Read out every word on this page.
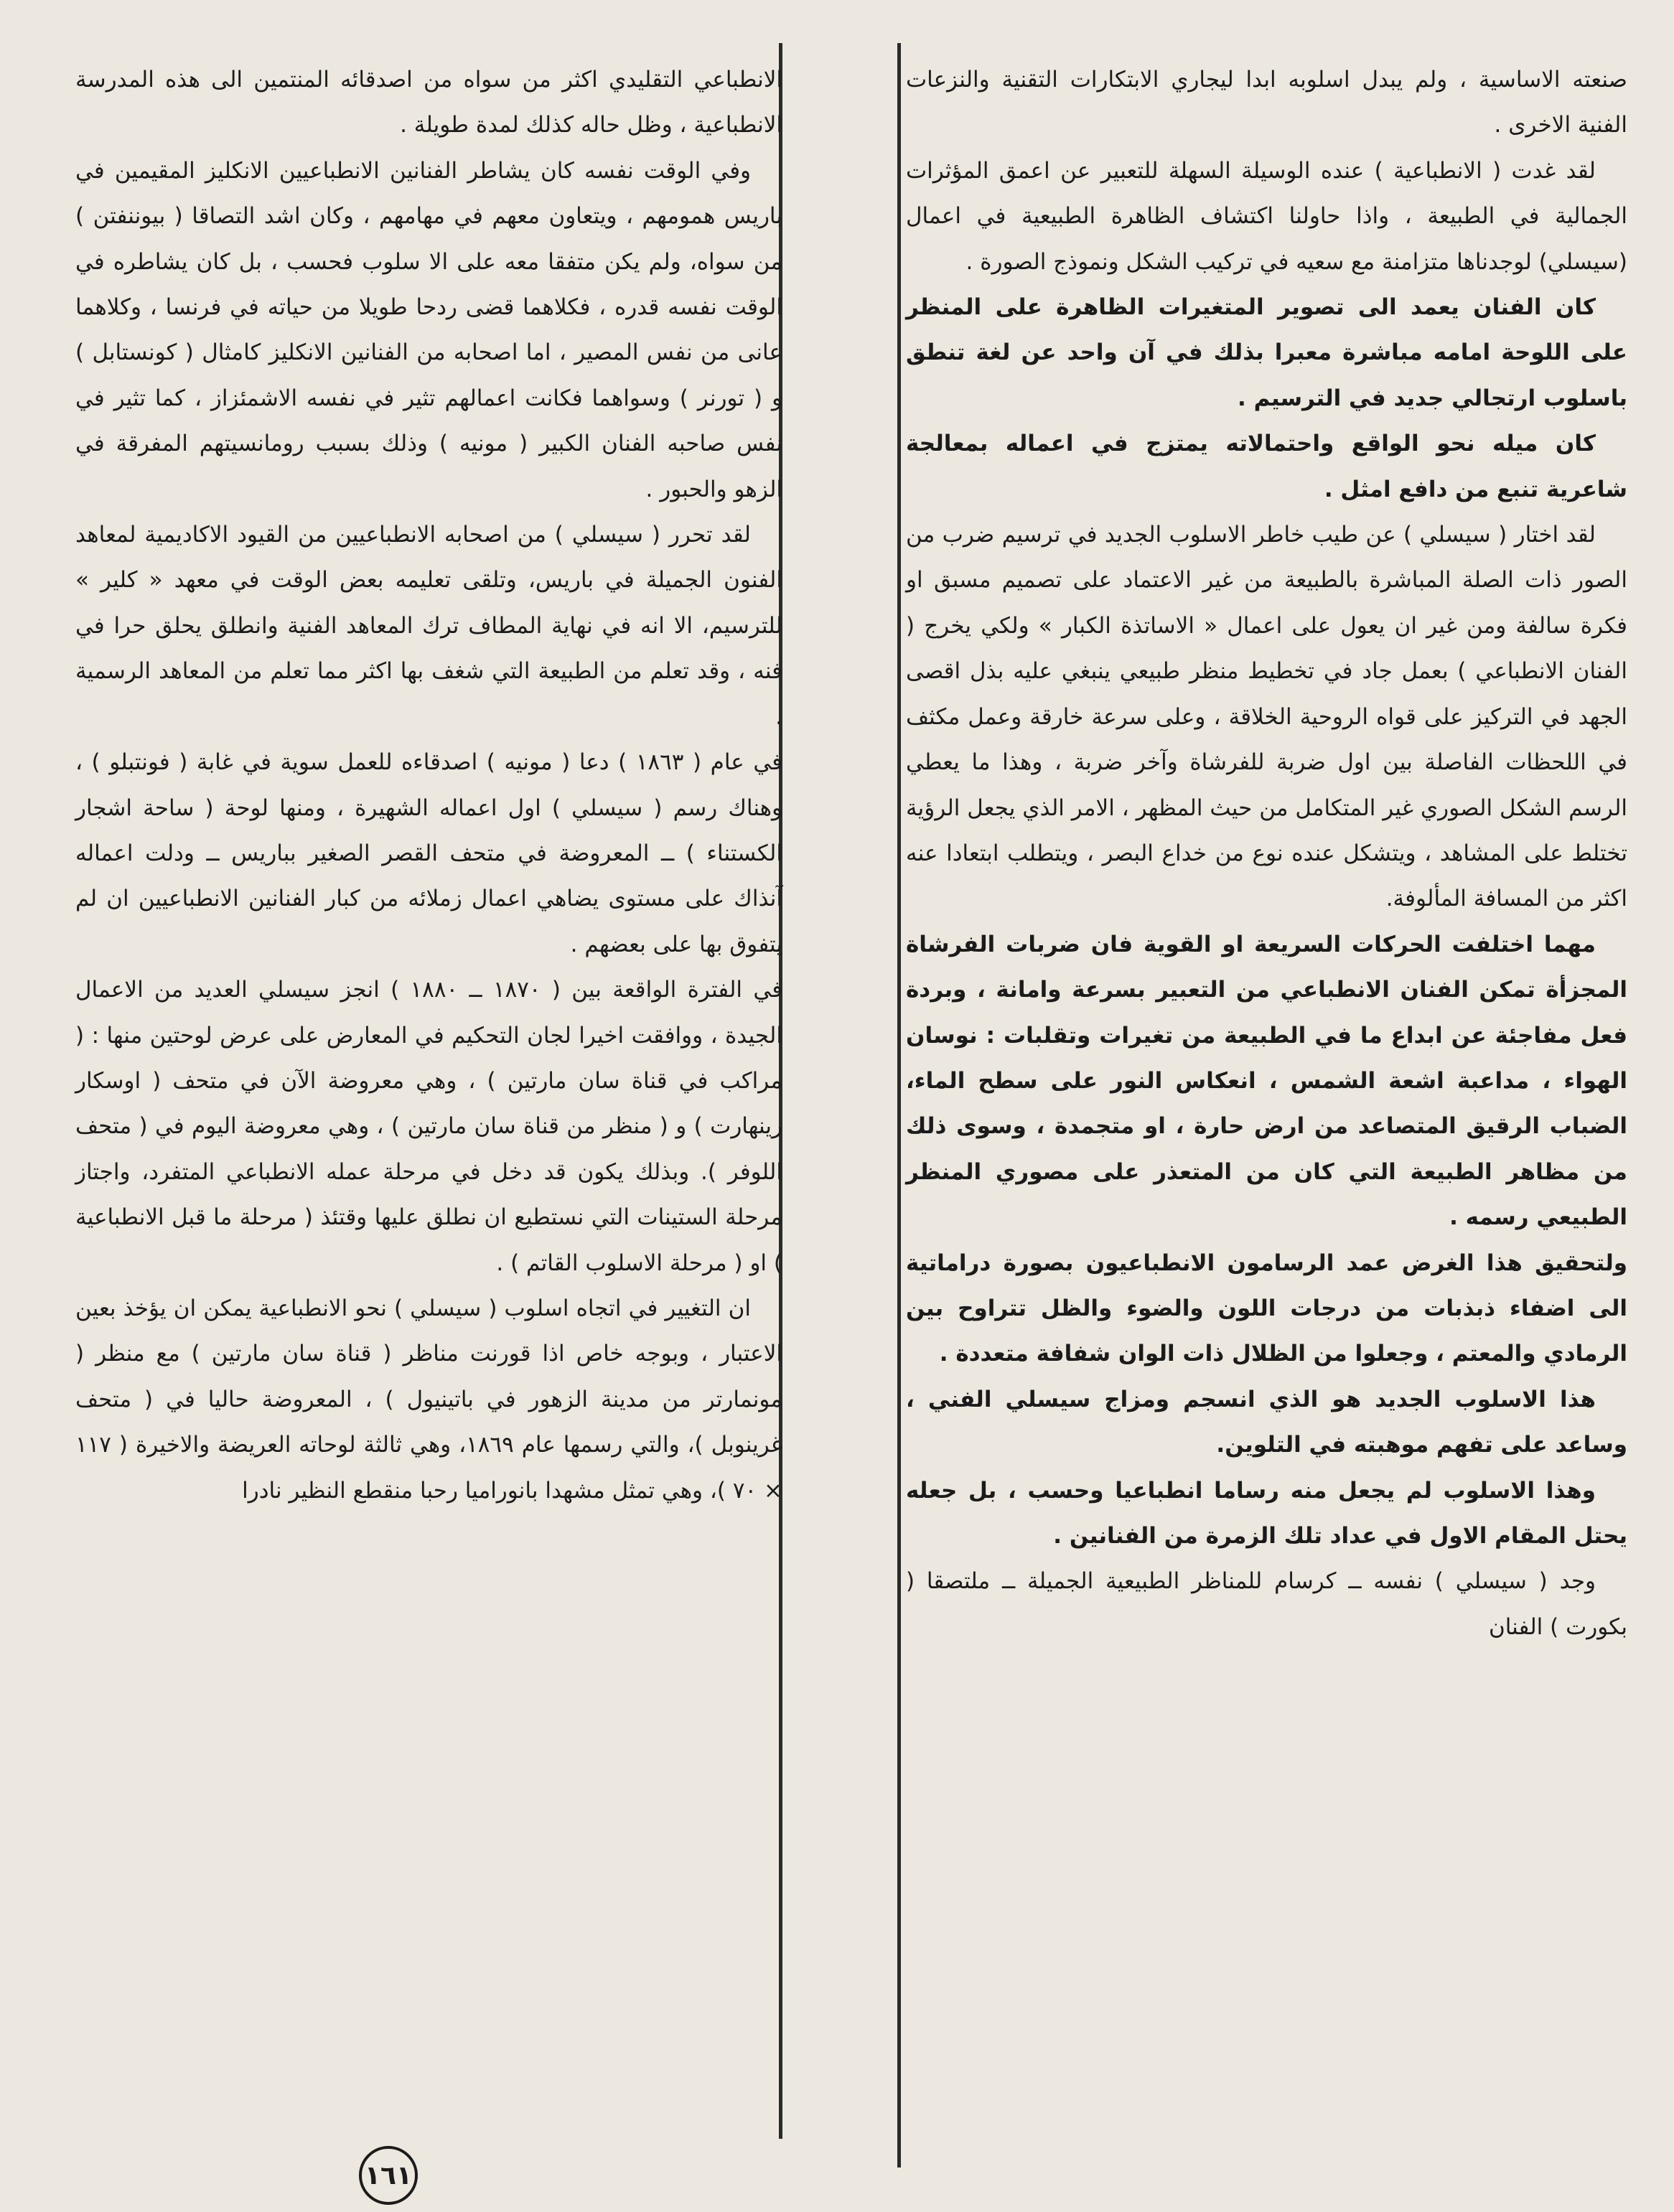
صنعته الاساسية ، ولم يبدل اسلوبه ابدا ليجاري الابتكارات التقنية والنزعات الفنية الاخرى .

لقد غدت ( الانطباعية ) عنده الوسيلة السهلة للتعبير عن اعمق المؤثرات الجمالية في الطبيعة ، واذا حاولنا اكتشاف الظاهرة الطبيعية في اعمال (سيسلي) لوجدناها متزامنة مع سعيه في تركيب الشكل ونموذج الصورة .

كان الفنان يعمد الى تصوير المتغيرات الظاهرة على المنظر على اللوحة امامه مباشرة معبرا بذلك في آن واحد عن لغة تنطق باسلوب ارتجالي جديد في الترسيم .

كان ميله نحو الواقع واحتمالاته يمتزج في اعماله بمعالجة شاعرية تنبع من دافع امثل .

لقد اختار ( سيسلي ) عن طيب خاطر الاسلوب الجديد في ترسيم ضرب من الصور ذات الصلة المباشرة بالطبيعة من غير الاعتماد على تصميم مسبق او فكرة سالفة ومن غير ان يعول على اعمال « الاساتذة الكبار » ولكي يخرج ( الفنان الانطباعي ) بعمل جاد في تخطيط منظر طبيعي ينبغي عليه بذل اقصى الجهد في التركيز على قواه الروحية الخلاقة ، وعلى سرعة خارقة وعمل مكثف في اللحظات الفاصلة بين اول ضربة للفرشاة وآخر ضربة ، وهذا ما يعطي الرسم الشكل الصوري غير المتكامل من حيث المظهر ، الامر الذي يجعل الرؤية تختلط على المشاهد ، ويتشكل عنده نوع من خداع البصر ، ويتطلب ابتعادا عنه اكثر من المسافة المألوفة.

مهما اختلفت الحركات السريعة او القوية فان ضربات الفرشاة المجزأة تمكن الفنان الانطباعي من التعبير بسرعة وامانة ، وبردة فعل مفاجئة عن ابداع ما في الطبيعة من تغيرات وتقلبات : نوسان الهواء ، مداعبة اشعة الشمس ، انعكاس النور على سطح الماء، الضباب الرقيق المتصاعد من ارض حارة ، او متجمدة ، وسوى ذلك من مظاهر الطبيعة التي كان من المتعذر على مصوري المنظر الطبيعي رسمه .

ولتحقيق هذا الغرض عمد الرسامون الانطباعيون بصورة دراماتية الى اضفاء ذبذبات من درجات اللون والضوء والظل تتراوح بين الرمادي والمعتم ، وجعلوا من الظلال ذات الوان شفافة متعددة .

هذا الاسلوب الجديد هو الذي انسجم ومزاج سيسلي الفني ، وساعد على تفهم موهبته في التلوين.

وهذا الاسلوب لم يجعل منه رساما انطباعيا وحسب ، بل جعله يحتل المقام الاول في عداد تلك الزمرة من الفنانين .

وجد ( سيسلي ) نفسه ــ كرسام للمناظر الطبيعية الجميلة ــ ملتصقا ( بكورت ) الفنان

الانطباعي التقليدي اكثر من سواه من اصدقائه المنتمين الى هذه المدرسة الانطباعية ، وظل حاله كذلك لمدة طويلة .

وفي الوقت نفسه كان يشاطر الفنانين الانطباعيين الانكليز المقيمين في باريس همومهم ، ويتعاون معهم في مهامهم ، وكان اشد التصاقا ( بيوننفتن ) من سواه، ولم يكن متفقا معه على الا سلوب فحسب ، بل كان يشاطره في الوقت نفسه قدره ، فكلاهما قضى ردحا طويلا من حياته في فرنسا ، وكلاهما عانى من نفس المصير ، اما اصحابه من الفنانين الانكليز كامثال ( كونستابل ) و ( تورنر ) وسواهما فكانت اعمالهم تثير في نفسه الاشمئزاز ، كما تثير في نفس صاحبه الفنان الكبير ( مونيه ) وذلك بسبب رومانسيتهم المفرقة في الزهو والحبور .

لقد تحرر ( سيسلي ) من اصحابه الانطباعيين من القيود الاكاديمية لمعاهد الفنون الجميلة في باريس، وتلقى تعليمه بعض الوقت في معهد « كلير » للترسيم، الا انه في نهاية المطاف ترك المعاهد الفنية وانطلق يحلق حرا في فنه ، وقد تعلم من الطبيعة التي شغف بها اكثر مما تعلم من المعاهد الرسمية .

في عام ( ١٨٦٣ ) دعا ( مونيه ) اصدقاءه للعمل سوية في غابة ( فونتبلو ) ، وهناك رسم ( سيسلي ) اول اعماله الشهيرة ، ومنها لوحة ( ساحة اشجار الكستناء ) ــ المعروضة في متحف القصر الصغير بباريس ــ ودلت اعماله آنذاك على مستوى يضاهي اعمال زملائه من كبار الفنانين الانطباعيين ان لم يتفوق بها على بعضهم .

في الفترة الواقعة بين ( ١٨٧٠ ــ ١٨٨٠ ) انجز سيسلي العديد من الاعمال الجيدة ، ووافقت اخيرا لجان التحكيم في المعارض على عرض لوحتين منها : ( مراكب في قناة سان مارتين ) ، وهي معروضة الآن في متحف ( اوسكار رينهارت ) و ( منظر من قناة سان مارتين ) ، وهي معروضة اليوم في ( متحف اللوفر ). وبذلك يكون قد دخل في مرحلة عمله الانطباعي المتفرد، واجتاز مرحلة الستينات التي نستطيع ان نطلق عليها وقتئذ ( مرحلة ما قبل الانطباعية ) او ( مرحلة الاسلوب القاتم ) .

ان التغيير في اتجاه اسلوب ( سيسلي ) نحو الانطباعية يمكن ان يؤخذ بعين الاعتبار ، وبوجه خاص اذا قورنت مناظر ( قناة سان مارتين ) مع منظر ( مونمارتر من مدينة الزهور في باتينيول ) ، المعروضة حاليا في ( متحف غرينوبل )، والتي رسمها عام ١٨٦٩، وهي ثالثة لوحاته العريضة والاخيرة ( ١١٧ × ٧٠ )، وهي تمثل مشهدا بانوراميا رحبا منقطع النظير نادرا

١٦١
